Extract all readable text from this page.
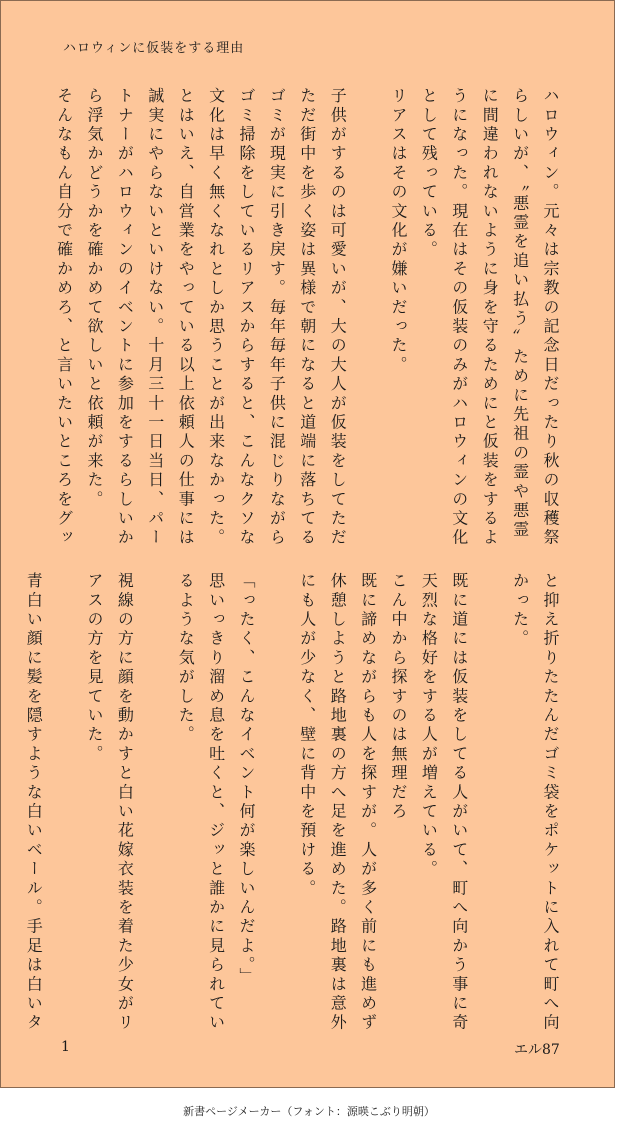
ハロウィンに仮装をする理由
ハロウィン。元々は宗教の記念日だったり秋の収穫祭
らしいが、〝悪霊を追い払う〟ために先祖の霊や悪霊
に間違われないように身を守るためにと仮装をするよ
うになった。現在はその仮装のみがハロウィンの文化
として残っている。
リアスはその文化が嫌いだった。
子供がするのは可愛いが、大の大人が仮装をしてただ
ただ街中を歩く姿は異様で朝になると道端に落ちてる
ゴミが現実に引き戻す。毎年毎年子供に混じりながら
ゴミ掃除をしているリアスからすると、こんなクソな
文化は早く無くなれとしか思うことが出来なかった。
とはいえ、自営業をやっている以上依頼人の仕事には
誠実にやらないといけない。十月三十一日当日、パー
トナーがハロウィンのイベントに参加をするらしいか
ら浮気かどうかを確かめて欲しいと依頼が来た。
そんなもん自分で確かめろ、と言いたいところをグッ
と抑え折りたたんだゴミ袋をポケットに入れて町へ向
かった。
既に道には仮装をしてる人がいて、町へ向かう事に奇
天烈な格好をする人が増えている。
こん中から探すのは無理だろ
既に諦めながらも人を探すが。人が多く前にも進めず
休憩しようと路地裏の方へ足を進めた。路地裏は意外
にも人が少なく、壁に背中を預ける。
「ったく、こんなイベント何が楽しいんだよ。」
思いっきり溜め息を吐くと、ジッと誰かに見られてい
るような気がした。
視線の方に顔を動かすと白い花嫁衣装を着た少女がリ
アスの方を見ていた。
青白い顔に髪を隠すような白いベール。手足は白いタ
1	エル87
新書ページメーカー（フォント：源暎こぶり明朝）
